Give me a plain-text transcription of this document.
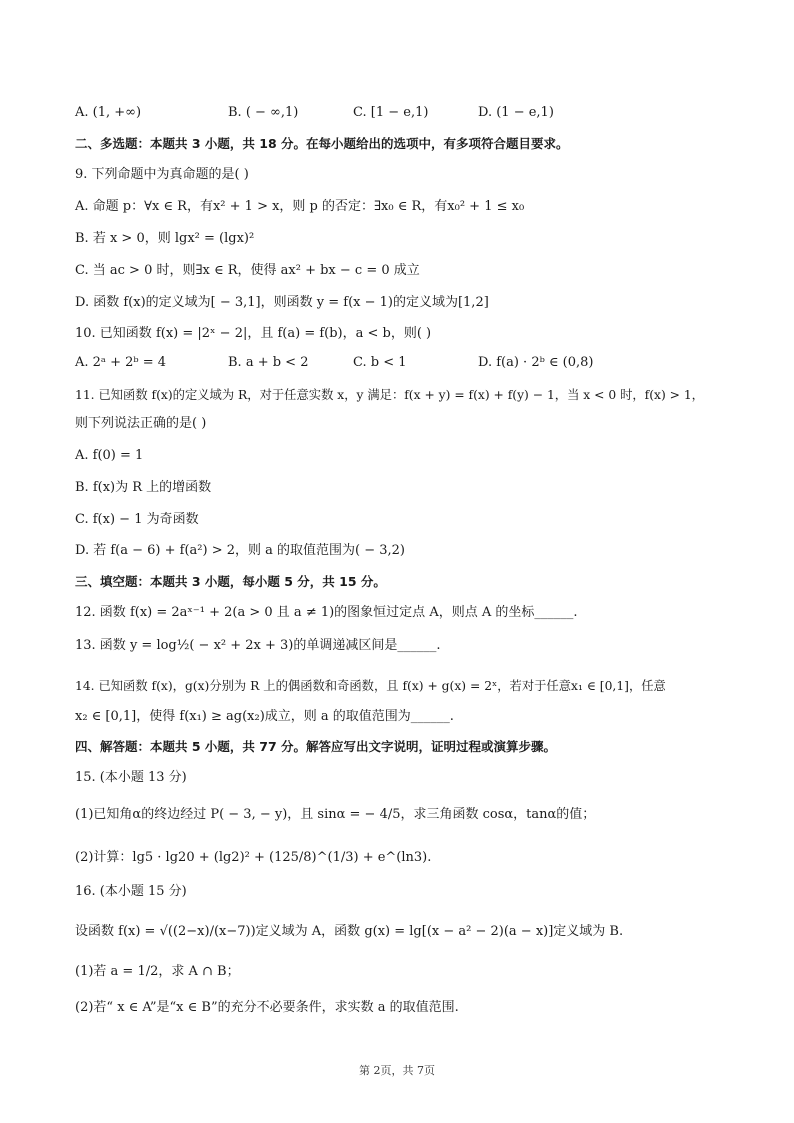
A. (1, +∞)	B. ( − ∞,1)	C. [1 − e,1)	D. (1 − e,1)
二、多选题：本题共 3 小题，共 18 分。在每小题给出的选项中，有多项符合题目要求。
9. 下列命题中为真命题的是( )
A. 命题 p：∀x ∈ R，有x² + 1 > x，则 p 的否定：∃x₀ ∈ R，有x₀² + 1 ≤ x₀
B. 若 x > 0，则 lgx² = (lgx)²
C. 当 ac > 0 时，则∃x ∈ R，使得 ax² + bx − c = 0 成立
D. 函数 f(x)的定义域为[ − 3,1]，则函数 y = f(x − 1)的定义域为[1,2]
10. 已知函数 f(x) = |2ˣ − 2|，且 f(a) = f(b)，a < b，则( )
A. 2ᵃ + 2ᵇ = 4	B. a + b < 2	C. b < 1	D. f(a) · 2ᵇ ∈ (0,8)
11. 已知函数 f(x)的定义域为 R，对于任意实数 x，y 满足：f(x + y) = f(x) + f(y) − 1，当 x < 0 时，f(x) > 1，
则下列说法正确的是( )
A. f(0) = 1
B. f(x)为 R 上的增函数
C. f(x) − 1 为奇函数
D. 若 f(a − 6) + f(a²) > 2，则 a 的取值范围为( − 3,2)
三、填空题：本题共 3 小题，每小题 5 分，共 15 分。
12. 函数 f(x) = 2aˣ⁻¹ + 2(a > 0 且 a ≠ 1)的图象恒过定点 A，则点 A 的坐标______.
13. 函数 y = log½( − x² + 2x + 3)的单调递减区间是______.
14. 已知函数 f(x)，g(x)分别为 R 上的偶函数和奇函数，且 f(x) + g(x) = 2ˣ，若对于任意x₁ ∈ [0,1]，任意
x₂ ∈ [0,1]，使得 f(x₁) ≥ ag(x₂)成立，则 a 的取值范围为______.
四、解答题：本题共 5 小题，共 77 分。解答应写出文字说明，证明过程或演算步骤。
15. (本小题 13 分)
(1)已知角α的终边经过 P( − 3, − y)，且 sinα = − 4/5，求三角函数 cosα，tanα的值；
(2)计算：lg5 · lg20 + (lg2)² + (125/8)^(1/3) + e^(ln3).
16. (本小题 15 分)
设函数 f(x) = √((2−x)/(x−7))定义域为 A，函数 g(x) = lg[(x − a² − 2)(a − x)]定义域为 B.
(1)若 a = 1/2，求 A ∩ B；
(2)若“ x ∈ A”是“x ∈ B”的充分不必要条件，求实数 a 的取值范围.
第 2页，共 7页
